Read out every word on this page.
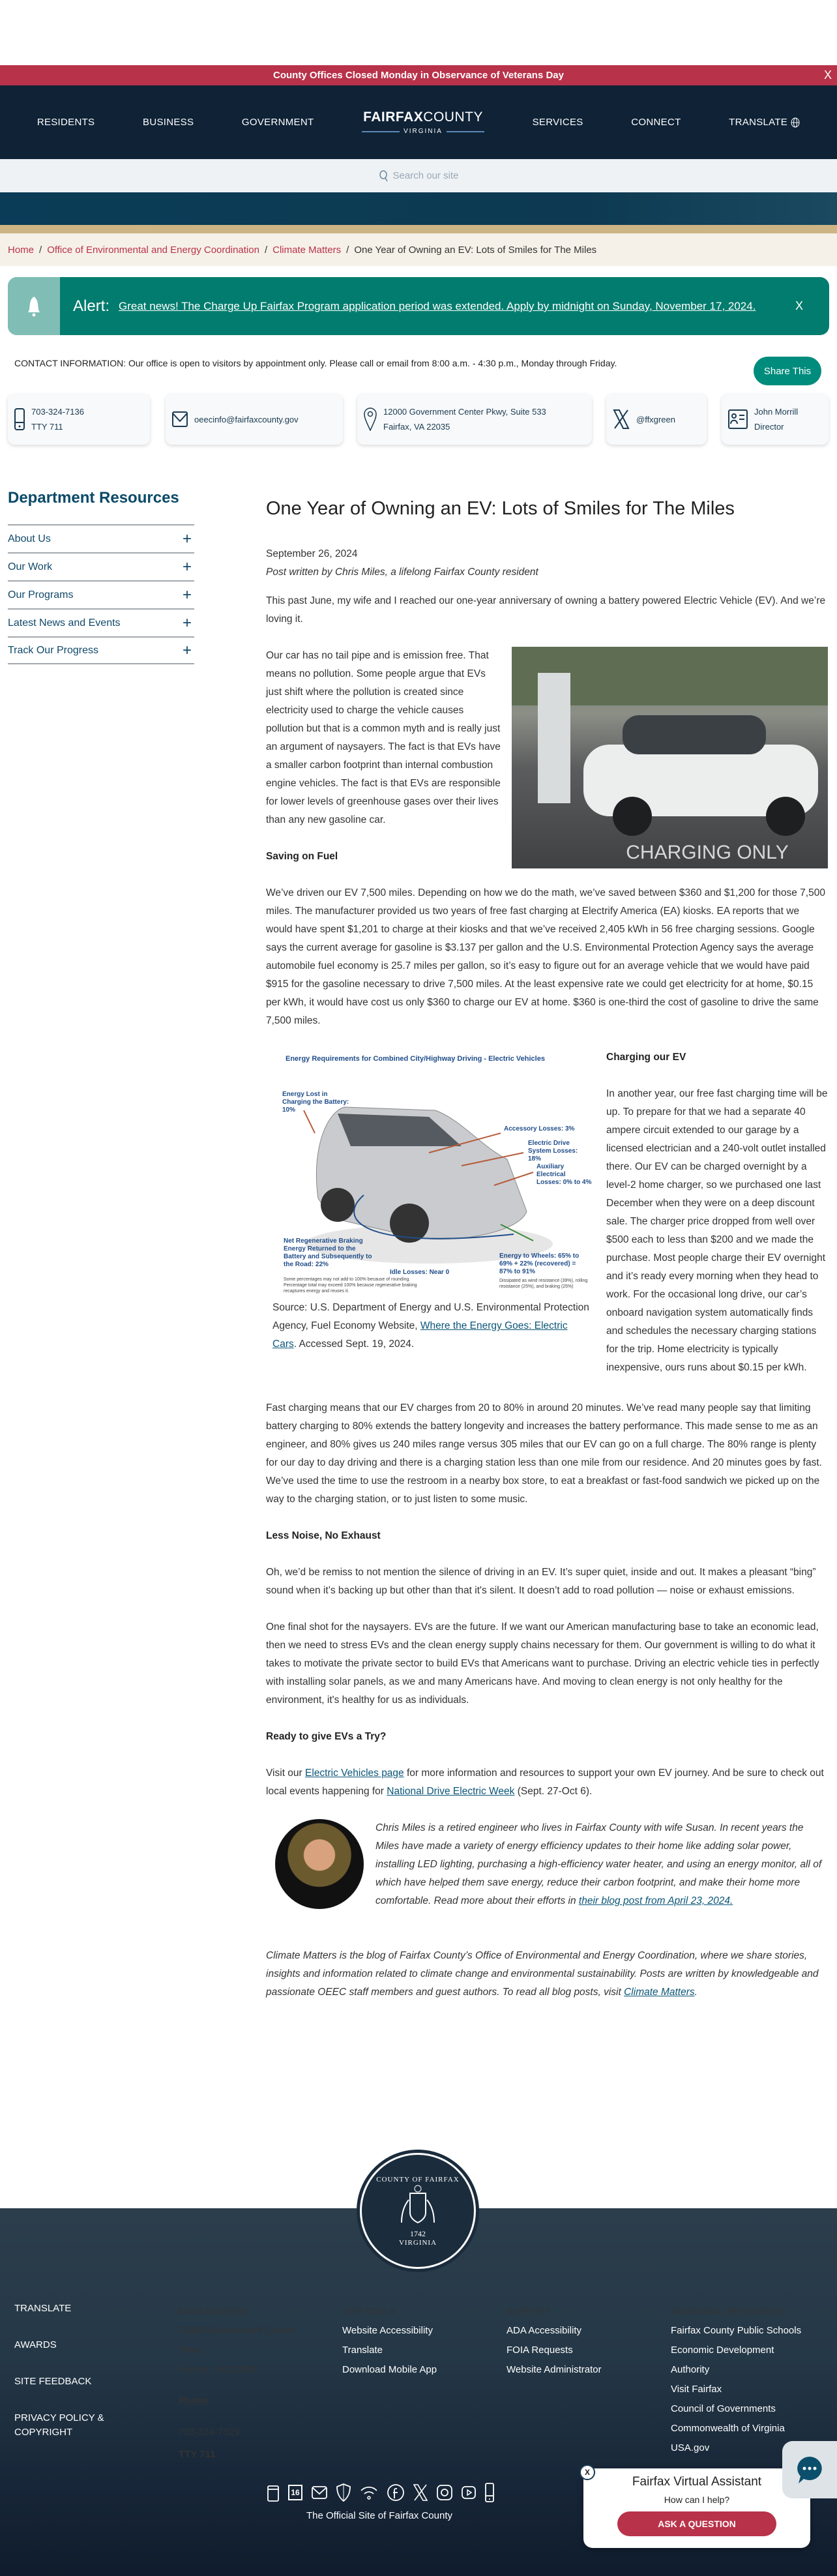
County Offices Closed Monday in Observance of Veterans Day	X
RESIDENTS	BUSINESS	GOVERNMENT	FAIRFAXCOUNTY
VIRGINIA
SERVICES	CONNECT	TRANSLATE
Search our site
Home / Office of Environmental and Energy Coordination / Climate Matters / One Year of Owning an EV: Lots of Smiles for The Miles
Alert: Great news! The Charge Up Fairfax Program application period was extended. Apply by midnight on Sunday, November 17, 2024.	X
CONTACT INFORMATION: Our office is open to visitors by appointment only. Please call or email from 8:00 a.m. - 4:30 p.m., Monday through Friday.
Share This
703-324-7136
TTY 711
oeecinfo@fairfaxcounty.gov
12000 Government Center Pkwy, Suite 533
Fairfax, VA 22035
@ffxgreen
John Morrill
Director
Department Resources
About Us	+
Our Work	+
Our Programs	+
Latest News and Events	+
Track Our Progress	+
One Year of Owning an EV: Lots of Smiles for The Miles

September 26, 2024

Post written by Chris Miles, a lifelong Fairfax County resident

This past June, my wife and I reached our one-year anniversary of owning a battery powered Electric Vehicle (EV). And we’re loving it.

CHARGING ONLY

Our car has no tail pipe and is emission free. That means no pollution. Some people argue that EVs just shift where the pollution is created since electricity used to charge the vehicle causes pollution but that is a common myth and is really just an argument of naysayers. The fact is that EVs have a smaller carbon footprint than internal combustion engine vehicles. The fact is that EVs are responsible for lower levels of greenhouse gases over their lives than any new gasoline car.

Saving on Fuel

We’ve driven our EV 7,500 miles. Depending on how we do the math, we’ve saved between $360 and $1,200 for those 7,500 miles. The manufacturer provided us two years of free fast charging at Electrify America (EA) kiosks. EA reports that we would have spent $1,201 to charge at their kiosks and that we’ve received 2,405 kWh in 56 free charging sessions. Google says the current average for gasoline is $3.137 per gallon and the U.S. Environmental Protection Agency says the average automobile fuel economy is 25.7 miles per gallon, so it’s easy to figure out for an average vehicle that we would have paid $915 for the gasoline necessary to drive 7,500 miles. At the least expensive rate we could get electricity for at home, $0.15 per kWh, it would have cost us only $360 to charge our EV at home. $360 is one-third the cost of gasoline to drive the same 7,500 miles.

Energy Requirements for Combined City/Highway Driving - Electric Vehicles
Energy Lost in Charging the Battery: 10%
Accessory Losses: 3%
Electric Drive System Losses: 18%
Auxiliary Electrical Losses: 0% to 4%
Net Regenerative Braking Energy Returned to the Battery and Subsequently to the Road: 22%
Idle Losses: Near 0
Energy to Wheels: 65% to 69% + 22% (recovered) = 87% to 91%
Dissipated as wind resistance (39%), rolling resistance (25%), and braking (25%)
Some percentages may not add to 100% because of rounding. Percentage total may exceed 100% because regenerative braking recaptures energy and reuses it.

Source: U.S. Department of Energy and U.S. Environmental Protection Agency, Fuel Economy Website, Where the Energy Goes: Electric Cars. Accessed Sept. 19, 2024.

Charging our EV

In another year, our free fast charging time will be up. To prepare for that we had a separate 40 ampere circuit extended to our garage by a licensed electrician and a 240-volt outlet installed there. Our EV can be charged overnight by a level-2 home charger, so we purchased one last December when they were on a deep discount sale. The charger price dropped from well over $500 each to less than $200 and we made the purchase. Most people charge their EV overnight and it’s ready every morning when they head to work. For the occasional long drive, our car’s onboard navigation system automatically finds and schedules the necessary charging stations for the trip. Home electricity is typically inexpensive, ours runs about $0.15 per kWh.

Fast charging means that our EV charges from 20 to 80% in around 20 minutes. We’ve read many people say that limiting battery charging to 80% extends the battery longevity and increases the battery performance. This made sense to me as an engineer, and 80% gives us 240 miles range versus 305 miles that our EV can go on a full charge. The 80% range is plenty for our day to day driving and there is a charging station less than one mile from our residence. And 20 minutes goes by fast. We’ve used the time to use the restroom in a nearby box store, to eat a breakfast or fast-food sandwich we picked up on the way to the charging station, or to just listen to some music.

Less Noise, No Exhaust

Oh, we’d be remiss to not mention the silence of driving in an EV. It’s super quiet, inside and out. It makes a pleasant “bing” sound when it’s backing up but other than that it's silent. It doesn’t add to road pollution — noise or exhaust emissions.

One final shot for the naysayers. EVs are the future. If we want our American manufacturing base to take an economic lead, then we need to stress EVs and the clean energy supply chains necessary for them. Our government is willing to do what it takes to motivate the private sector to build EVs that Americans want to purchase. Driving an electric vehicle ties in perfectly with installing solar panels, as we and many Americans have. And moving to clean energy is not only healthy for the environment, it's healthy for us as individuals.

Ready to give EVs a Try?

Visit our Electric Vehicles page for more information and resources to support your own EV journey. And be sure to check out local events happening for National Drive Electric Week (Sept. 27-Oct 6).

Chris Miles is a retired engineer who lives in Fairfax County with wife Susan. In recent years the Miles have made a variety of energy efficiency updates to their home like adding solar power, installing LED lighting, purchasing a high-efficiency water heater, and using an energy monitor, all of which have helped them save energy, reduce their carbon footprint, and make their home more comfortable. Read more about their efforts in their blog post from April 23, 2024.

Climate Matters is the blog of Fairfax County’s Office of Environmental and Energy Coordination, where we share stories, insights and information related to climate change and environmental sustainability. Posts are written by knowledgeable and passionate OEEC staff members and guest authors. To read all blog posts, visit Climate Matters.

COUNTY OF FAIRFAX
1742
VIRGINIA
TRANSLATE
AWARDS
SITE FEEDBACK
PRIVACY POLICY & COPYRIGHT
MAIN ADDRESS
12000 Government Center Pkwy
Fairfax, VA 22035
Phone
703-324-7329
TTY 711
SITE TOOLS
Website Accessibility
Translate
Download Mobile App
SUPPORT
ADA Accessibility
FOIA Requests
Website Administrator
ADDITIONAL RESOURCES
Fairfax County Public Schools
Economic Development Authority
Visit Fairfax
Council of Governments
Commonwealth of Virginia
USA.gov
16
The Official Site of Fairfax County
X
Fairfax Virtual Assistant
How can I help?
ASK A QUESTION
